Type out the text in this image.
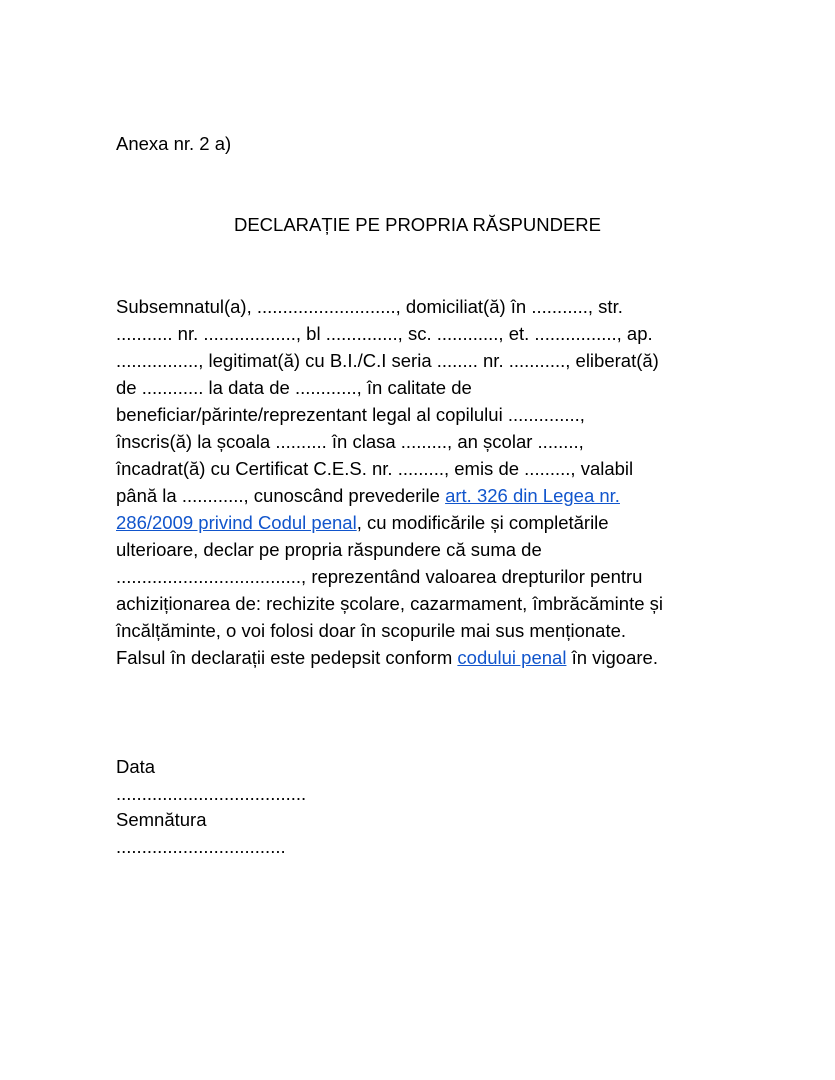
Anexa nr. 2 a)
DECLARAȚIE PE PROPRIA RĂSPUNDERE
Subsemnatul(a), ..........................., domiciliat(ă) în ..........., str.
........... nr. .................., bl .............., sc. ............, et. ................, ap.
................, legitimat(ă) cu B.I./C.I seria ........ nr. ..........., eliberat(ă)
de ............ la data de ............, în calitate de
beneficiar/părinte/reprezentant legal al copilului ..............,
înscris(ă) la școala .......... în clasa ........., an școlar ........,
încadrat(ă) cu Certificat C.E.S. nr. ........., emis de ........., valabil
până la ............, cunoscând prevederile art. 326 din Legea nr.
286/2009 privind Codul penal, cu modificările și completările
ulterioare, declar pe propria răspundere că suma de
...................................., reprezentând valoarea drepturilor pentru
achiziționarea de: rechizite școlare, cazarmament, îmbrăcăminte și
încălțăminte, o voi folosi doar în scopurile mai sus menționate.
Falsul în declarații este pedepsit conform codului penal în vigoare.
Data
.....................................
Semnătura
.................................
